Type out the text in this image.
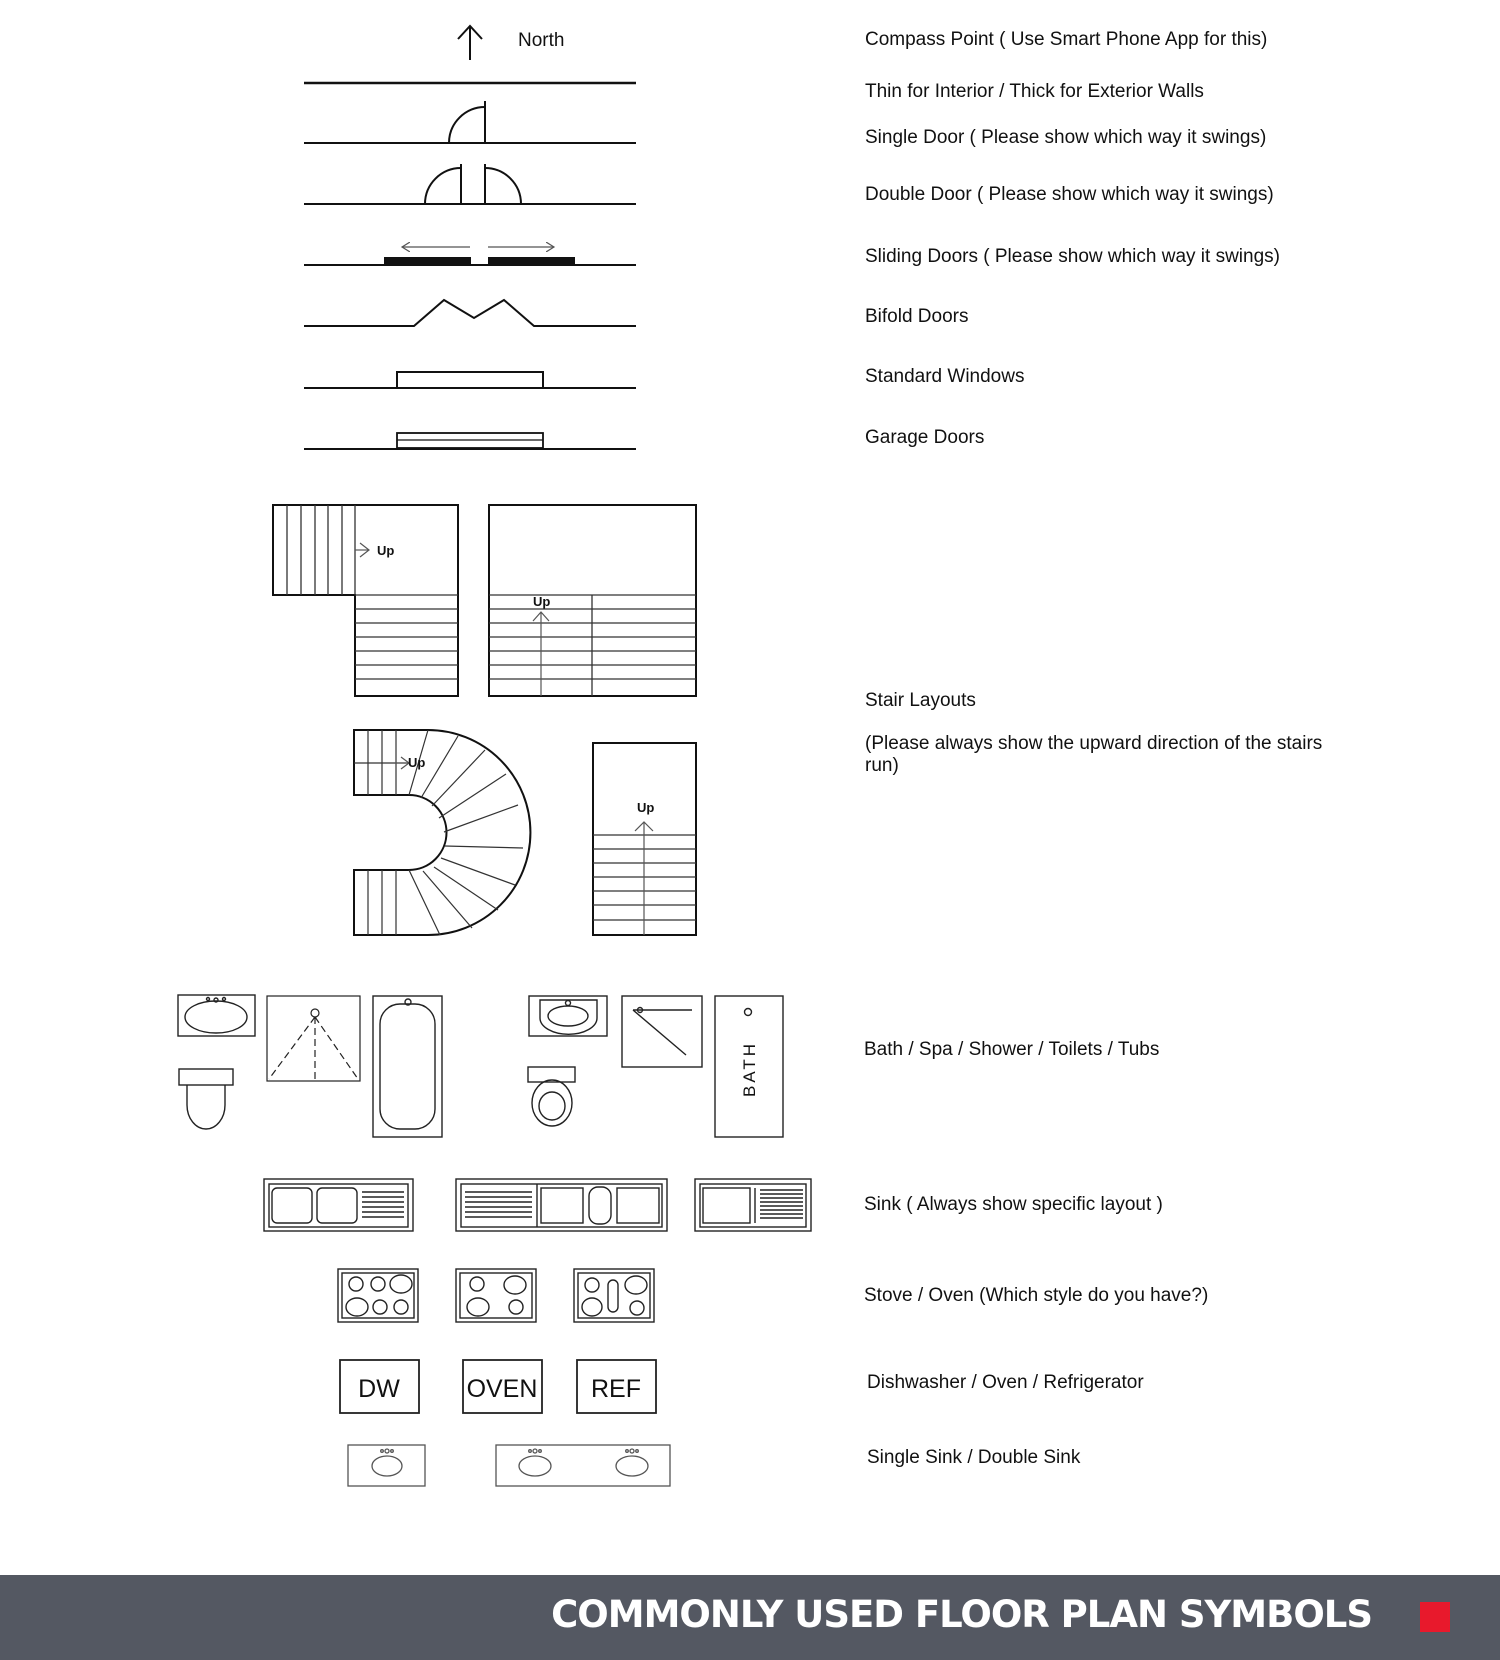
North
Up
Up
Up
Up
BATH
DW	OVEN REF
Compass Point ( Use Smart Phone App for this)
Thin for Interior / Thick for Exterior Walls
Single Door ( Please show which way it swings)
Double Door ( Please show which way it swings)
Sliding Doors ( Please show which way it swings)
Bifold Doors
Standard Windows
Garage Doors
Stair Layouts
(Please always show the upward direction of the stairs run)
Bath / Spa / Shower / Toilets / Tubs
Sink ( Always show specific layout )
Stove / Oven (Which style do you have?)
Dishwasher / Oven / Refrigerator
Single Sink / Double Sink
COMMONLY USED FLOOR PLAN SYMBOLS
